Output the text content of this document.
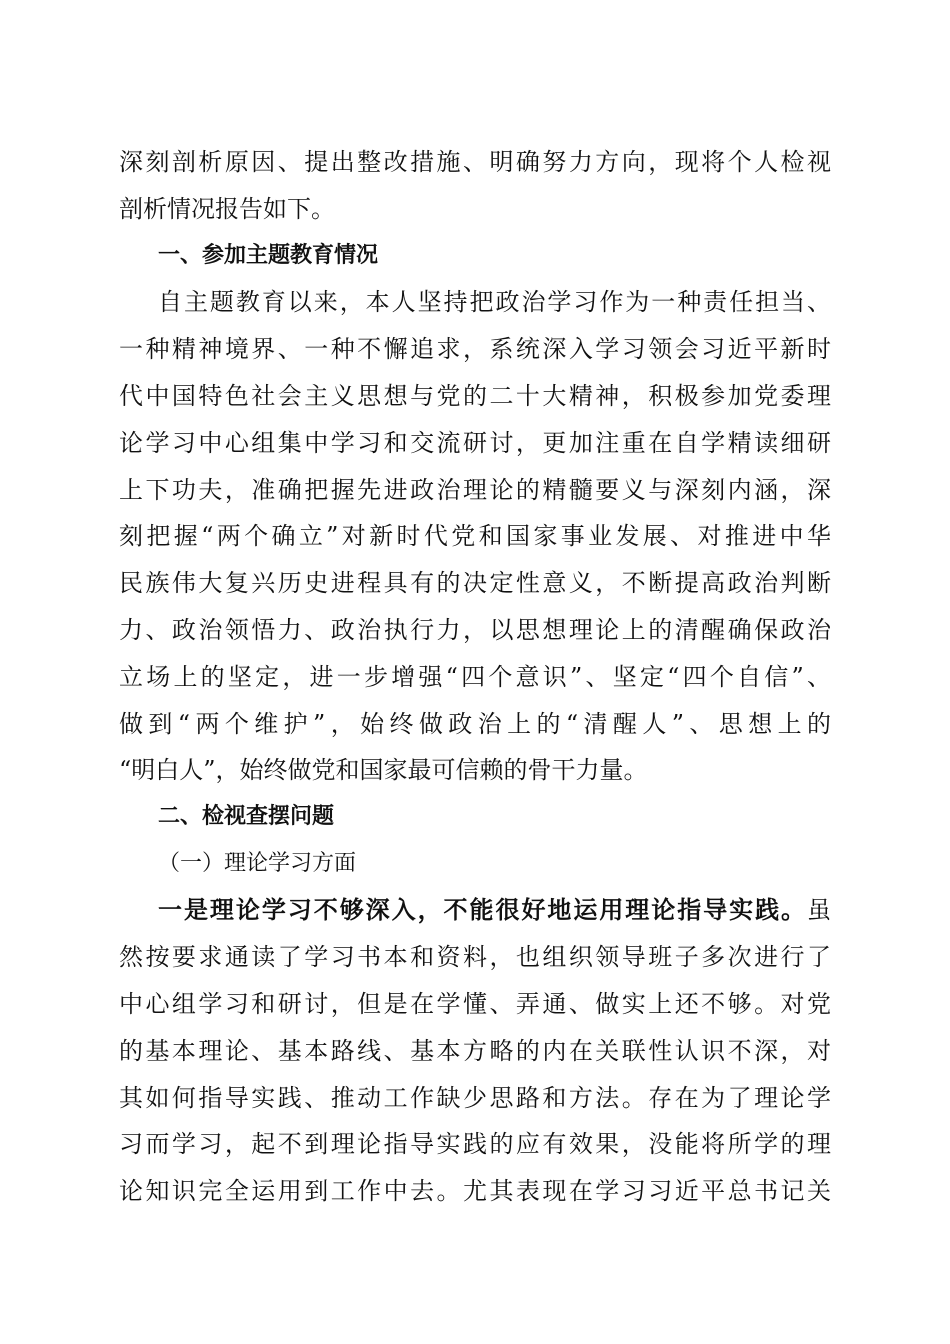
深刻剖析原因、提出整改措施、明确努力方向，现将个人检视
剖析情况报告如下。
一、参加主题教育情况
自主题教育以来，本人坚持把政治学习作为一种责任担当、
一种精神境界、一种不懈追求，系统深入学习领会习近平新时
代中国特色社会主义思想与党的二十大精神，积极参加党委理
论学习中心组集中学习和交流研讨，更加注重在自学精读细研
上下功夫，准确把握先进政治理论的精髓要义与深刻内涵，深
刻把握“两个确立”对新时代党和国家事业发展、对推进中华
民族伟大复兴历史进程具有的决定性意义，不断提高政治判断
力、政治领悟力、政治执行力，以思想理论上的清醒确保政治
立场上的坚定，进一步增强“四个意识”、坚定“四个自信”、
做到“两个维护”，始终做政治上的“清醒人”、思想上的
“明白人”，始终做党和国家最可信赖的骨干力量。
二、检视查摆问题
（一）理论学习方面
一是理论学习不够深入，不能很好地运用理论指导实践。虽
然按要求通读了学习书本和资料，也组织领导班子多次进行了
中心组学习和研讨，但是在学懂、弄通、做实上还不够。对党
的基本理论、基本路线、基本方略的内在关联性认识不深，对
其如何指导实践、推动工作缺少思路和方法。存在为了理论学
习而学习，起不到理论指导实践的应有效果，没能将所学的理
论知识完全运用到工作中去。尤其表现在学习习近平总书记关
